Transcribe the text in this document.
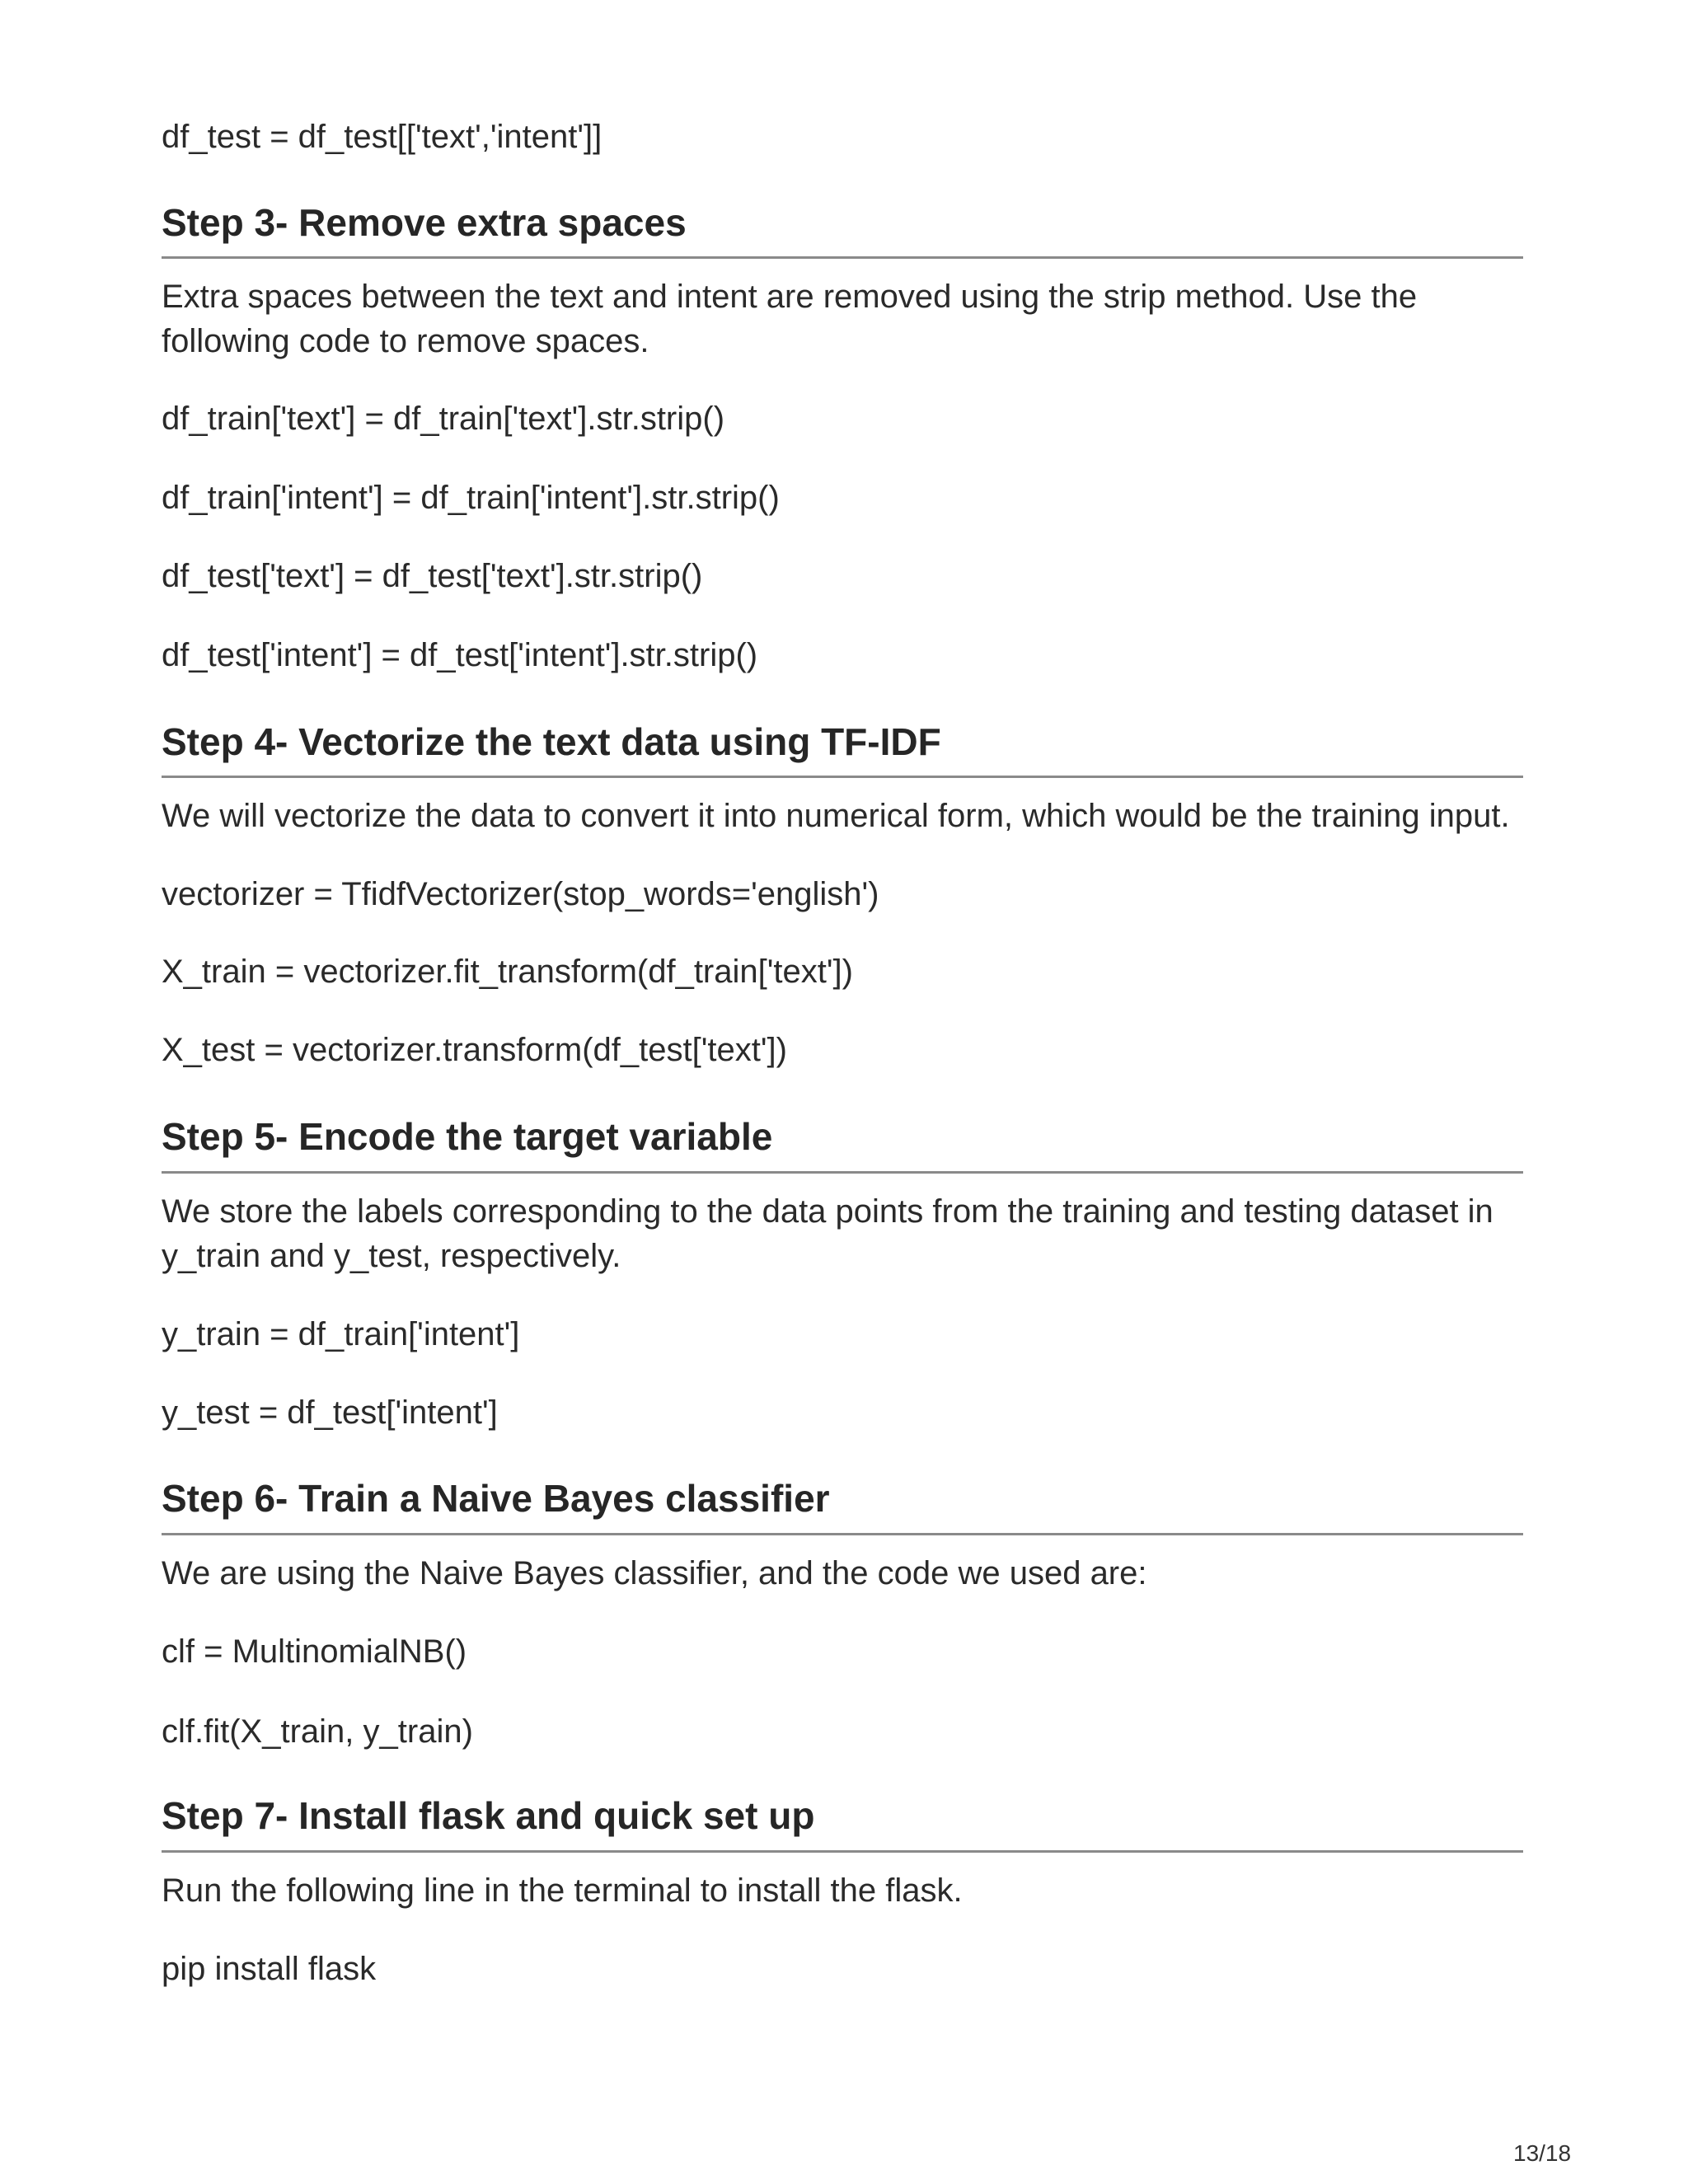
df_test = df_test[['text','intent']]
Step 3- Remove extra spaces
Extra spaces between the text and intent are removed using the strip method. Use the following code to remove spaces.
df_train['text'] = df_train['text'].str.strip()
df_train['intent'] = df_train['intent'].str.strip()
df_test['text'] = df_test['text'].str.strip()
df_test['intent'] = df_test['intent'].str.strip()
Step 4- Vectorize the text data using TF-IDF
We will vectorize the data to convert it into numerical form, which would be the training input.
vectorizer = TfidfVectorizer(stop_words='english')
X_train = vectorizer.fit_transform(df_train['text'])
X_test = vectorizer.transform(df_test['text'])
Step 5- Encode the target variable
We store the labels corresponding to the data points from the training and testing dataset in y_train and y_test, respectively.
y_train = df_train['intent']
y_test = df_test['intent']
Step 6- Train a Naive Bayes classifier
We are using the Naive Bayes classifier, and the code we used are:
clf = MultinomialNB()
clf.fit(X_train, y_train)
Step 7- Install flask and quick set up
Run the following line in the terminal to install the flask.
pip install flask
13/18
